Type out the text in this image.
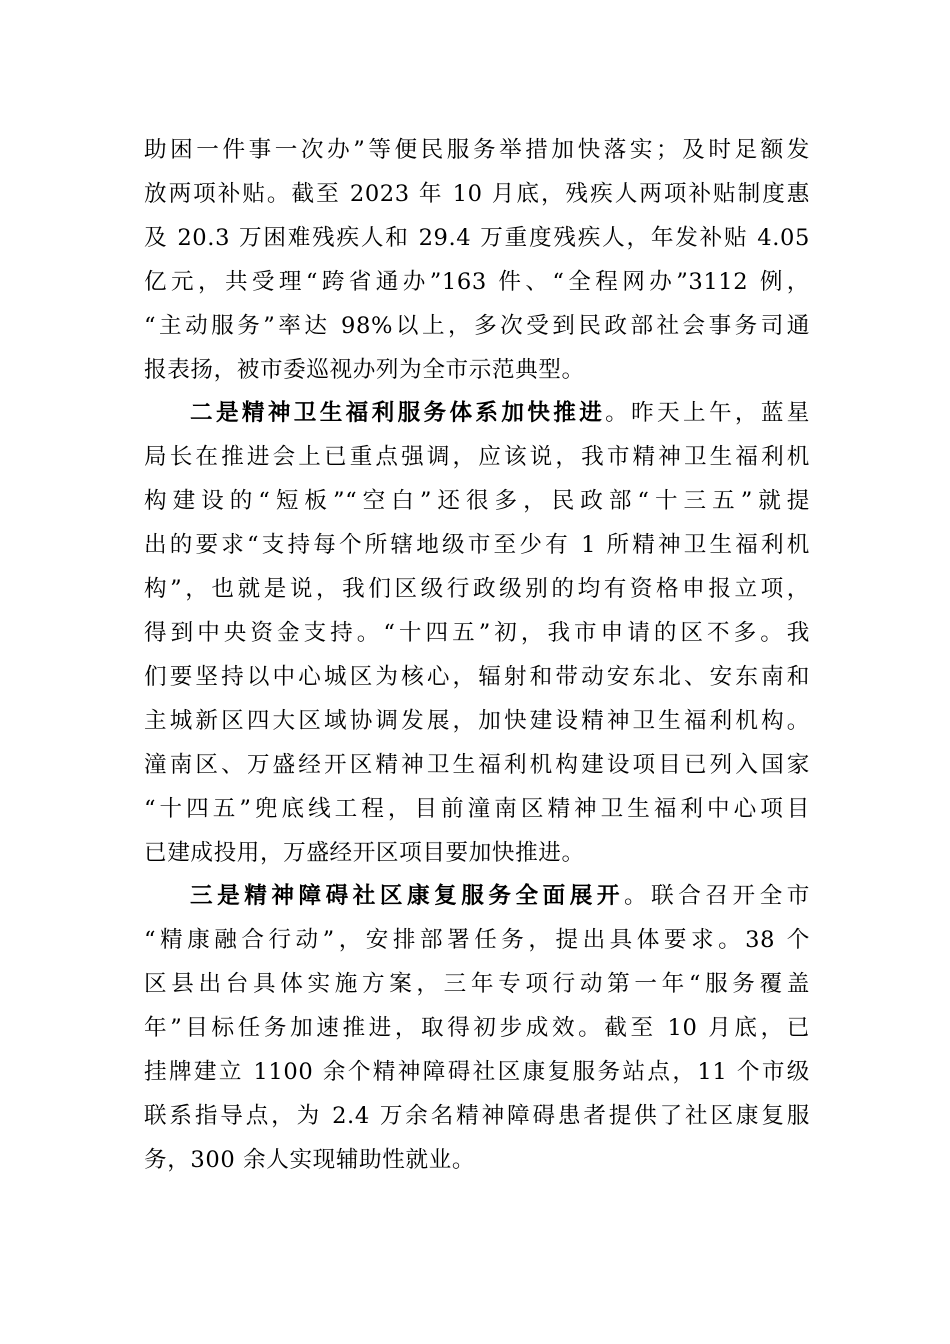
助困一件事一次办”等便民服务举措加快落实；及时足额发
放两项补贴。截至 2023 年 10 月底，残疾人两项补贴制度惠
及 20.3 万困难残疾人和 29.4 万重度残疾人，年发补贴 4.05
亿元，共受理“跨省通办”163 件、“全程网办”3112 例，
“主动服务”率达 98%以上，多次受到民政部社会事务司通
报表扬，被市委巡视办列为全市示范典型。
二是精神卫生福利服务体系加快推进。昨天上午，蓝星
局长在推进会上已重点强调，应该说，我市精神卫生福利机
构建设的“短板”“空白”还很多，民政部“十三五”就提
出的要求“支持每个所辖地级市至少有 1 所精神卫生福利机
构”，也就是说，我们区级行政级别的均有资格申报立项，
得到中央资金支持。“十四五”初，我市申请的区不多。我
们要坚持以中心城区为核心，辐射和带动安东北、安东南和
主城新区四大区域协调发展，加快建设精神卫生福利机构。
潼南区、万盛经开区精神卫生福利机构建设项目已列入国家
“十四五”兜底线工程，目前潼南区精神卫生福利中心项目
已建成投用，万盛经开区项目要加快推进。
三是精神障碍社区康复服务全面展开。联合召开全市
“精康融合行动”，安排部署任务，提出具体要求。38 个
区县出台具体实施方案，三年专项行动第一年“服务覆盖
年”目标任务加速推进，取得初步成效。截至 10 月底，已
挂牌建立 1100 余个精神障碍社区康复服务站点，11 个市级
联系指导点，为 2.4 万余名精神障碍患者提供了社区康复服
务，300 余人实现辅助性就业。
